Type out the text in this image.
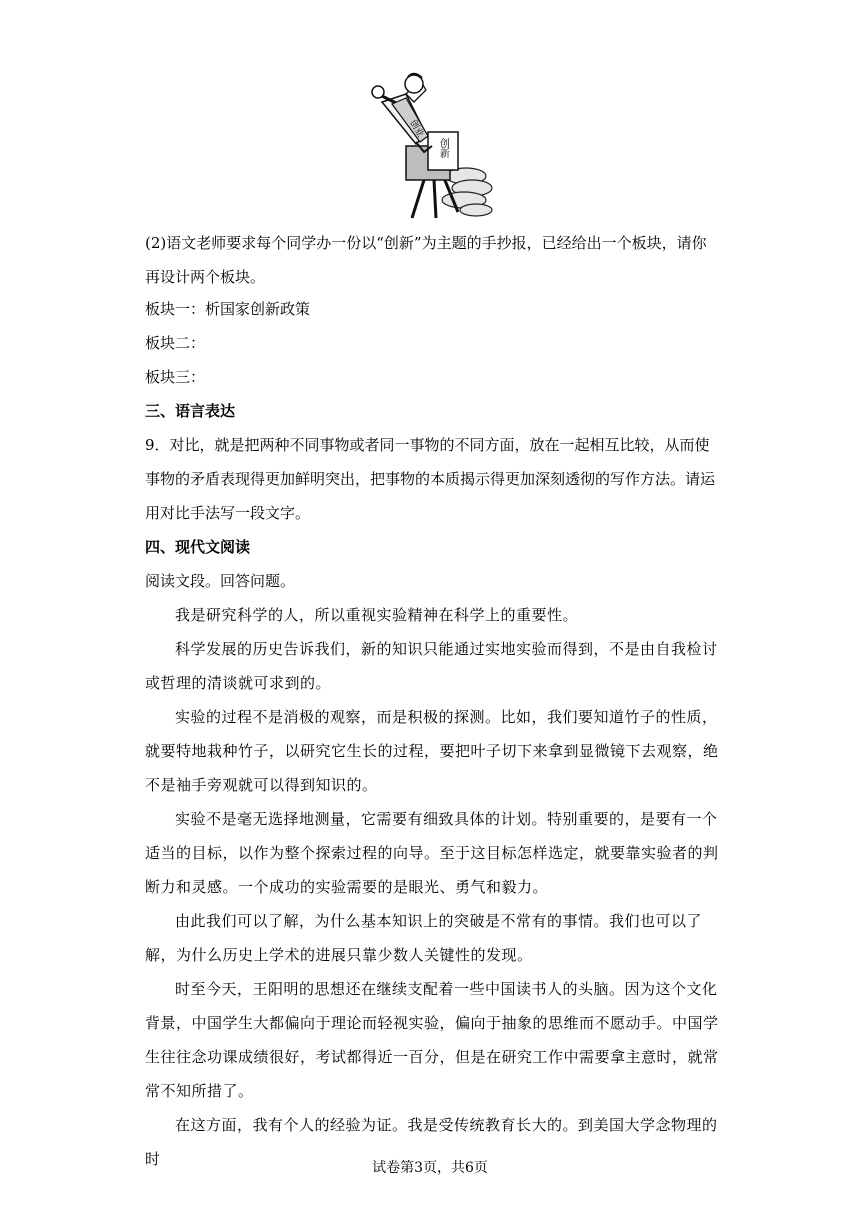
创新
创业
(2)语文老师要求每个同学办一份以“创新”为主题的手抄报，已经给出一个板块，请你再设计两个板块。
板块一：析国家创新政策
板块二：
板块三：
三、语言表达
9．对比，就是把两种不同事物或者同一事物的不同方面，放在一起相互比较，从而使事物的矛盾表现得更加鲜明突出，把事物的本质揭示得更加深刻透彻的写作方法。请运用对比手法写一段文字。
四、现代文阅读
阅读文段。回答问题。
我是研究科学的人，所以重视实验精神在科学上的重要性。
科学发展的历史告诉我们，新的知识只能通过实地实验而得到，不是由自我检讨或哲理的清谈就可求到的。
实验的过程不是消极的观察，而是积极的探测。比如，我们要知道竹子的性质，就要特地栽种竹子，以研究它生长的过程，要把叶子切下来拿到显微镜下去观察，绝不是袖手旁观就可以得到知识的。
实验不是毫无选择地测量，它需要有细致具体的计划。特别重要的，是要有一个适当的目标，以作为整个探索过程的向导。至于这目标怎样选定，就要靠实验者的判断力和灵感。一个成功的实验需要的是眼光、勇气和毅力。
由此我们可以了解，为什么基本知识上的突破是不常有的事情。我们也可以了解，为什么历史上学术的进展只靠少数人关键性的发现。
时至今天，王阳明的思想还在继续支配着一些中国读书人的头脑。因为这个文化背景，中国学生大都偏向于理论而轻视实验，偏向于抽象的思维而不愿动手。中国学生往往念功课成绩很好，考试都得近一百分，但是在研究工作中需要拿主意时，就常常不知所措了。
在这方面，我有个人的经验为证。我是受传统教育长大的。到美国大学念物理的时	试卷第3页，共6页
